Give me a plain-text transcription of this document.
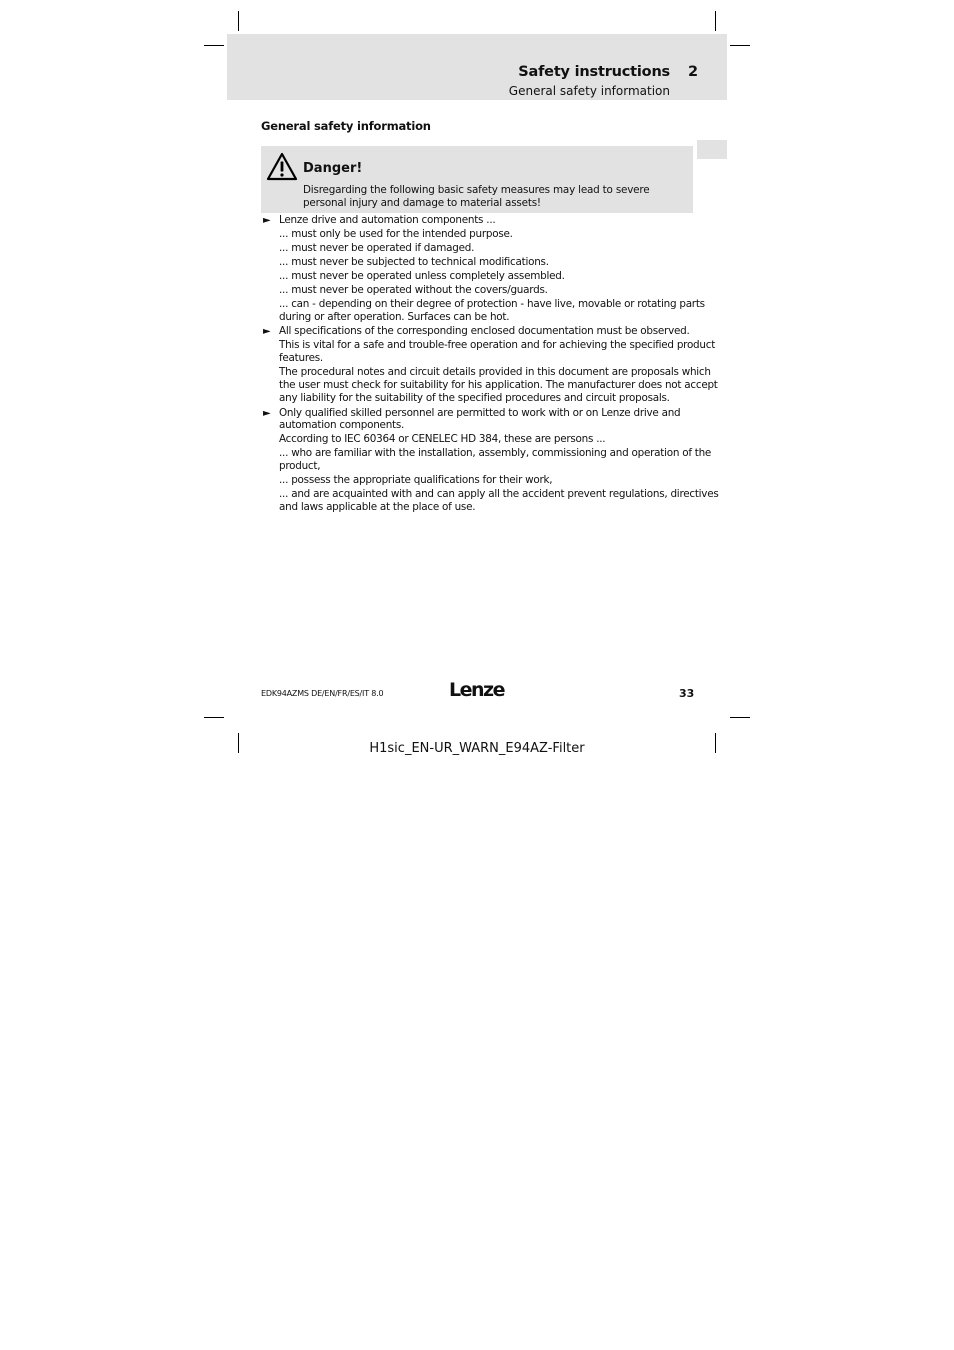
Safety instructions 2
General safety information
General safety information
Danger!
Disregarding the following basic safety measures may lead to severe personal injury and damage to material assets!
► Lenze drive and automation components ...
... must only be used for the intended purpose.
... must never be operated if damaged.
... must never be subjected to technical modifications.
... must never be operated unless completely assembled.
... must never be operated without the covers/guards.
... can - depending on their degree of protection - have live, movable or rotating parts
during or after operation. Surfaces can be hot.
► All specifications of the corresponding enclosed documentation must be observed.
This is vital for a safe and trouble-free operation and for achieving the specified product
features.
The procedural notes and circuit details provided in this document are proposals which
the user must check for suitability for his application. The manufacturer does not accept
any liability for the suitability of the specified procedures and circuit proposals.
► Only qualified skilled personnel are permitted to work with or on Lenze drive and
automation components.
According to IEC 60364 or CENELEC HD 384, these are persons ...
... who are familiar with the installation, assembly, commissioning and operation of the
product,
... possess the appropriate qualifications for their work,
... and are acquainted with and can apply all the accident prevent regulations, directives
and laws applicable at the place of use.
EDK94AZMS DE/EN/FR/ES/IT 8.0	Lenze	33
H1sic_EN-UR_WARN_E94AZ-Filter
